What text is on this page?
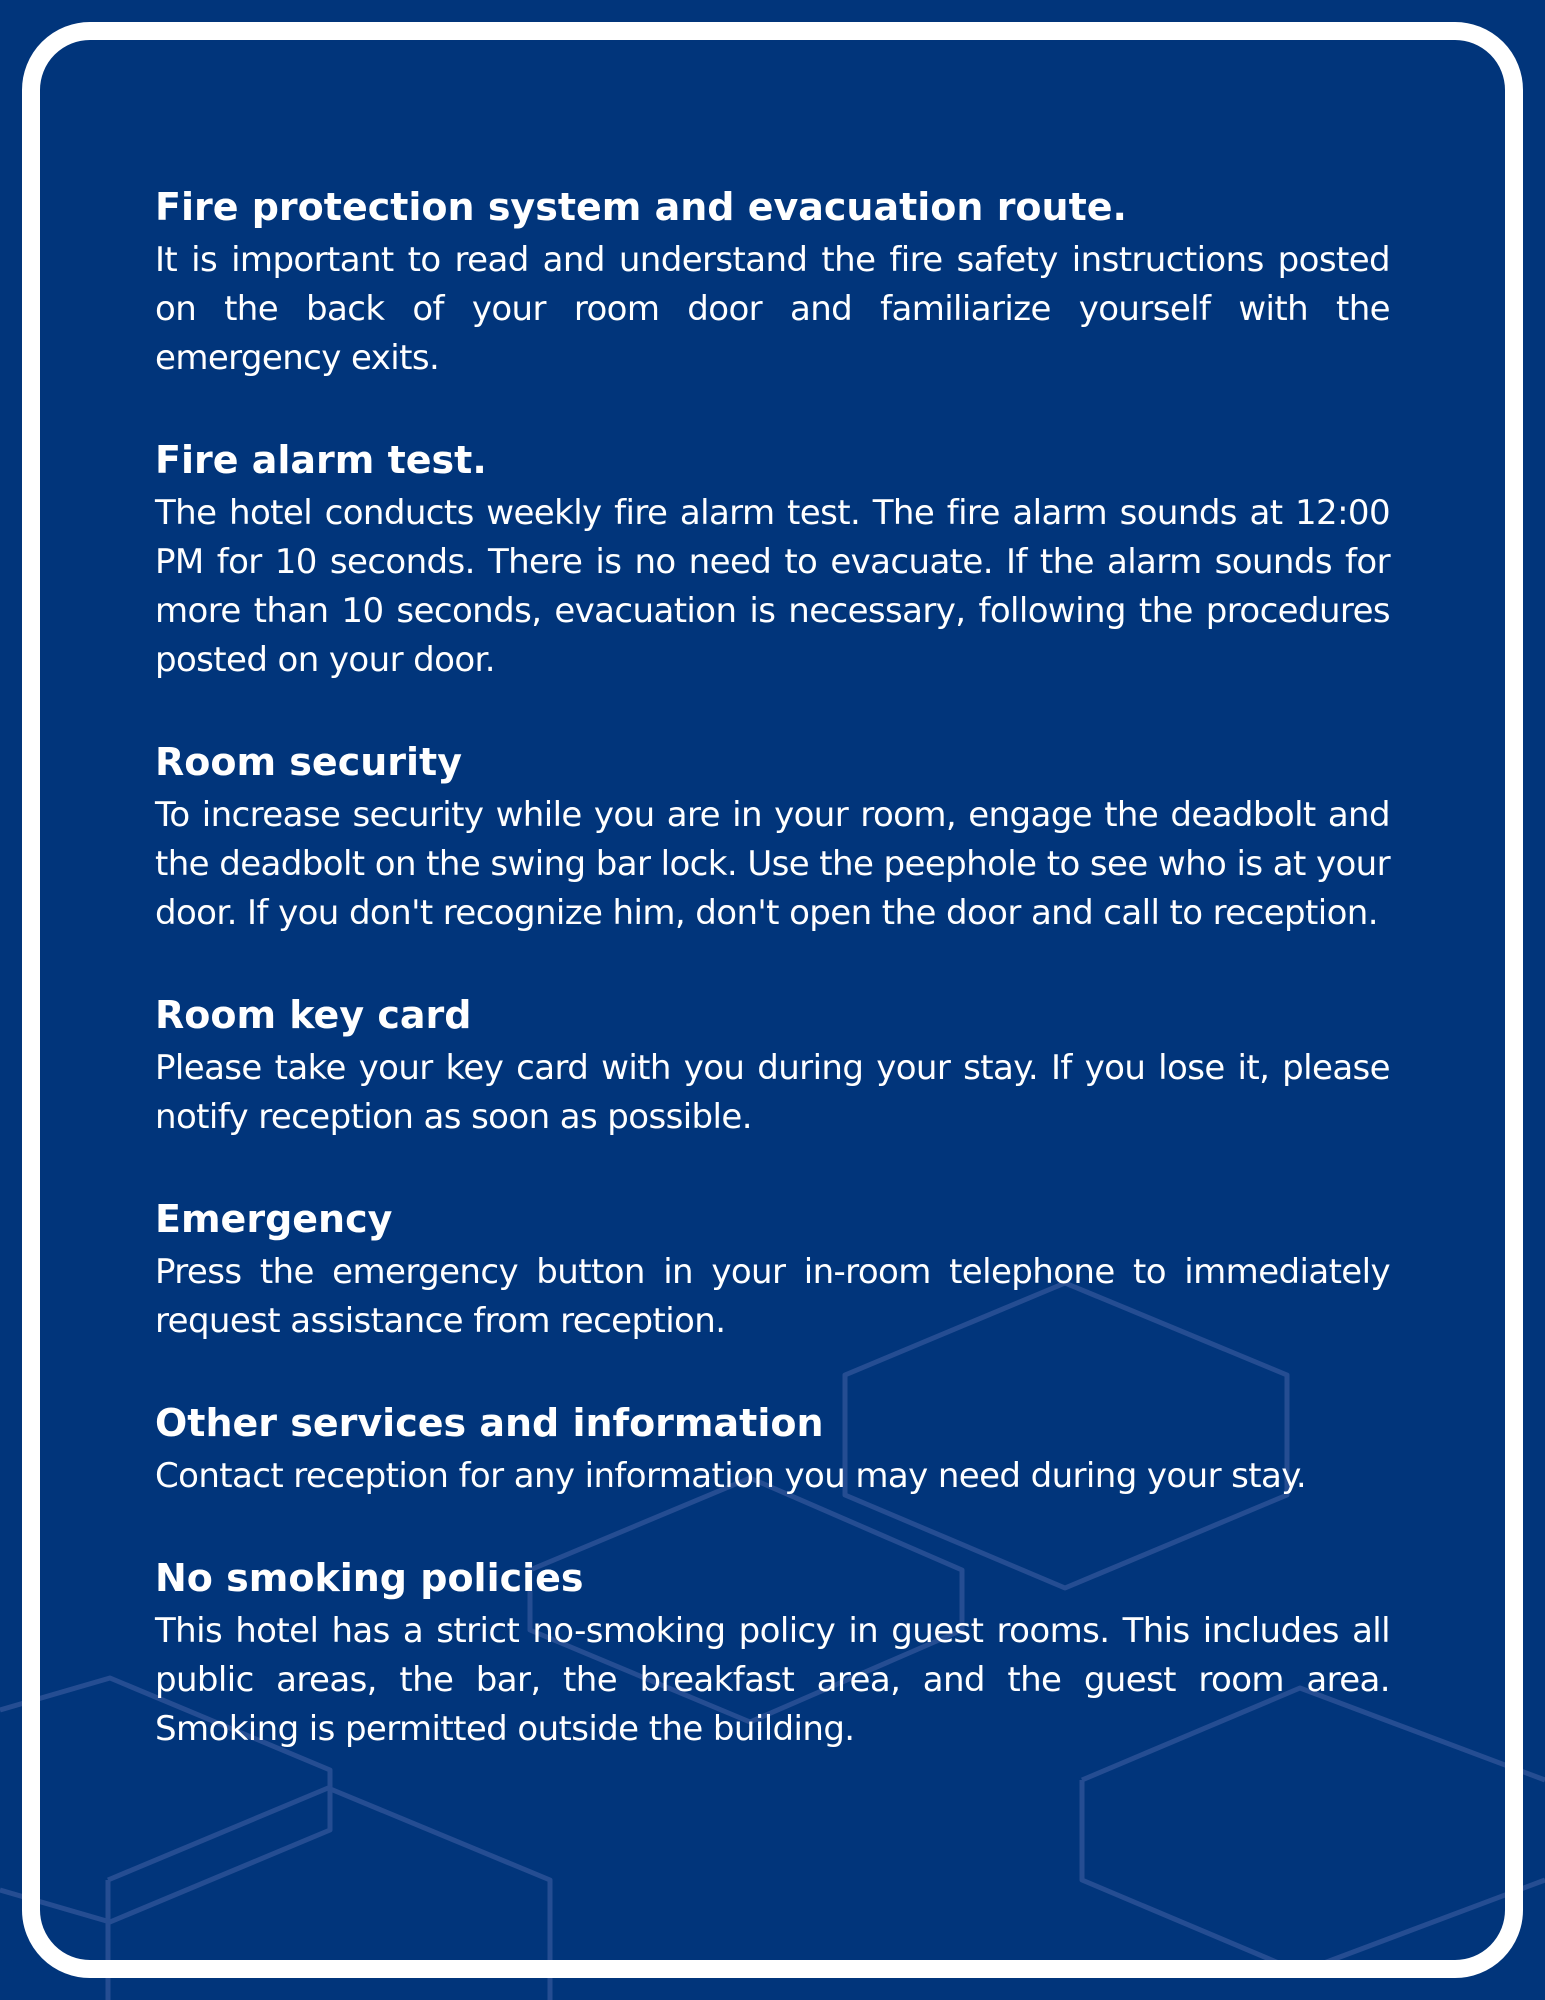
Fire protection system and evacuation route.

It is important to read and understand the fire safety instructions posted on the back of your room door and familiarize yourself with the emergency exits.

Fire alarm test.

The hotel conducts weekly fire alarm test. The fire alarm sounds at 12:00 PM for 10 seconds. There is no need to evacuate. If the alarm sounds for more than 10 seconds, evacuation is necessary, following the procedures posted on your door.

Room security

To increase security while you are in your room, engage the deadbolt and the deadbolt on the swing bar lock. Use the peephole to see who is at your door. If you don't recognize him, don't open the door and call to reception.

Room key card

Please take your key card with you during your stay. If you lose it, please notify reception as soon as possible.

Emergency

Press the emergency button in your in-room telephone to immediately request assistance from reception.

Other services and information

Contact reception for any information you may need during your stay.

No smoking policies

This hotel has a strict no-smoking policy in guest rooms. This includes all public areas, the bar, the breakfast area, and the guest room area. Smoking is permitted outside the building.
